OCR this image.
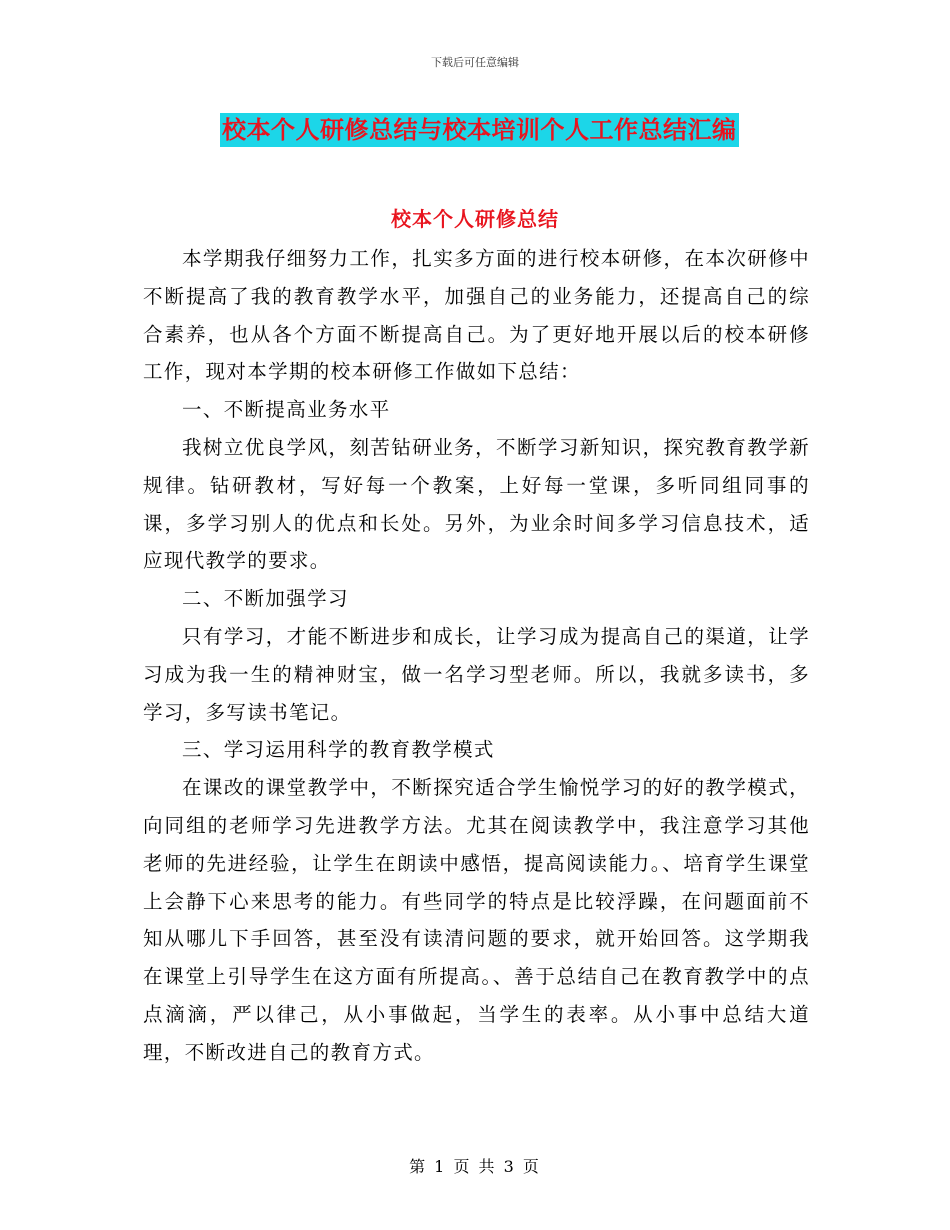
下载后可任意编辑
校本个人研修总结与校本培训个人工作总结汇编
校本个人研修总结

本学期我仔细努力工作，扎实多方面的进行校本研修，在本次研修中不断提高了我的教育教学水平，加强自己的业务能力，还提高自己的综合素养，也从各个方面不断提高自己。为了更好地开展以后的校本研修工作，现对本学期的校本研修工作做如下总结：

一、不断提高业务水平

我树立优良学风，刻苦钻研业务，不断学习新知识，探究教育教学新规律。钻研教材，写好每一个教案，上好每一堂课，多听同组同事的课，多学习别人的优点和长处。另外，为业余时间多学习信息技术，适应现代教学的要求。

二、不断加强学习

只有学习，才能不断进步和成长，让学习成为提高自己的渠道，让学习成为我一生的精神财宝，做一名学习型老师。所以，我就多读书，多学习，多写读书笔记。

三、学习运用科学的教育教学模式

在课改的课堂教学中，不断探究适合学生愉悦学习的好的教学模式，向同组的老师学习先进教学方法。尤其在阅读教学中，我注意学习其他老师的先进经验，让学生在朗读中感悟，提高阅读能力。、培育学生课堂上会静下心来思考的能力。有些同学的特点是比较浮躁，在问题面前不知从哪儿下手回答，甚至没有读清问题的要求，就开始回答。这学期我在课堂上引导学生在这方面有所提高。、善于总结自己在教育教学中的点点滴滴，严以律己，从小事做起，当学生的表率。从小事中总结大道理，不断改进自己的教育方式。

第 1 页 共 3 页
